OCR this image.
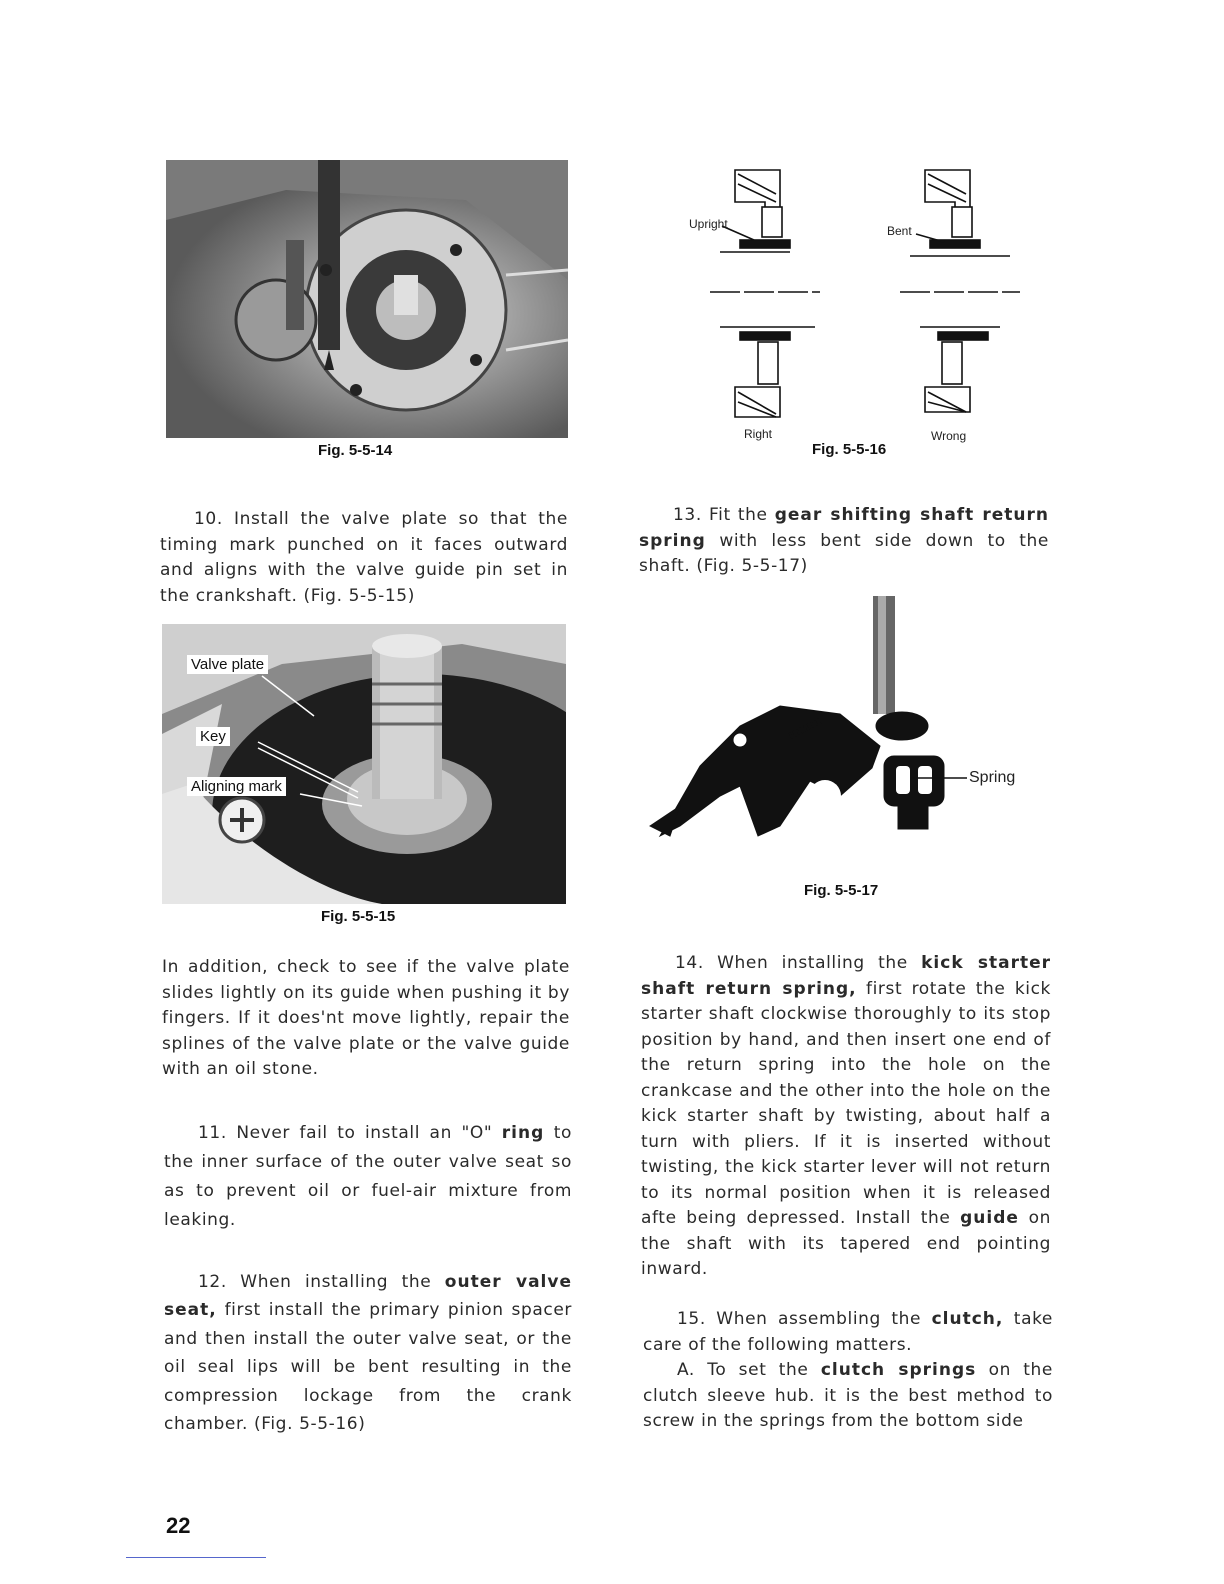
Fig. 5-5-14
Upright	Bent
Right	Wrong
Fig. 5-5-16
10. Install the valve plate so that the timing mark punched on it faces outward and aligns with the valve guide pin set in the crankshaft. (Fig. 5-5-15)
13. Fit the gear shifting shaft return spring with less bent side down to the shaft. (Fig. 5-5-17)
Valve plate
Key
Aligning mark
Fig. 5-5-15
Spring
Fig. 5-5-17
In addition, check to see if the valve plate slides lightly on its guide when pushing it by fingers. If it does'nt move lightly, repair the splines of the valve plate or the valve guide with an oil stone.
11. Never fail to install an "O" ring to the inner surface of the outer valve seat so as to prevent oil or fuel-air mixture from leaking.
12. When installing the outer valve seat, first install the primary pinion spacer and then install the outer valve seat, or the oil seal lips will be bent resulting in the compression lockage from the crank chamber. (Fig. 5-5-16)
14. When installing the kick starter shaft return spring, first rotate the kick starter shaft clockwise thoroughly to its stop position by hand, and then insert one end of the return spring into the hole on the crankcase and the other into the hole on the kick starter shaft by twisting, about half a turn with pliers. If it is inserted without twisting, the kick starter lever will not return to its normal position when it is released afte being depressed. Install the guide on the shaft with its tapered end pointing inward.
15. When assembling the clutch, take care of the following matters.
A. To set the clutch springs on the clutch sleeve hub. it is the best method to screw in the springs from the bottom side
22
